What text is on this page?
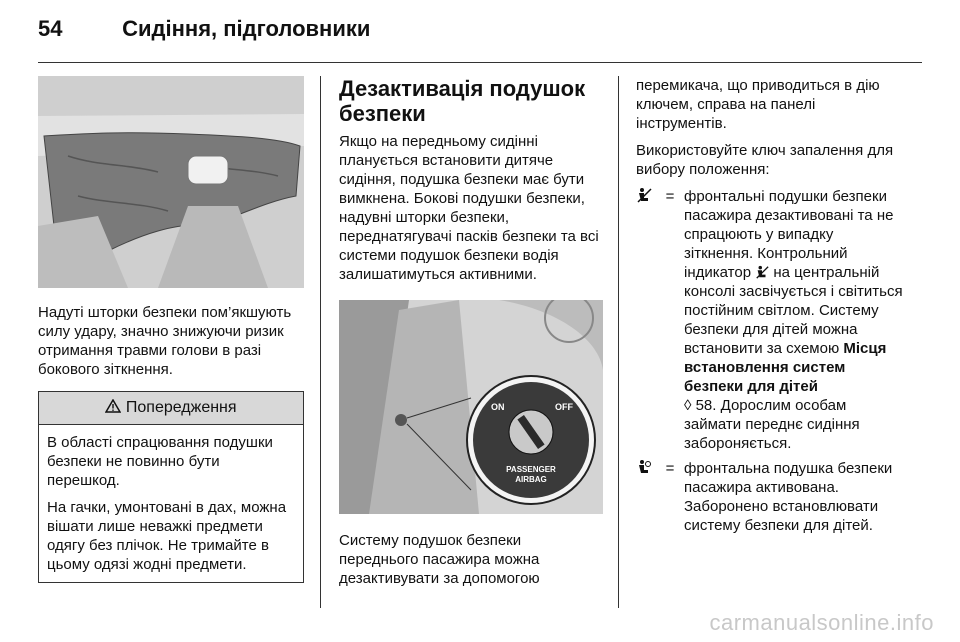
54	Сидіння, підголовники

Надуті шторки безпеки пом’якшують силу удару, значно знижуючи ризик отримання травми голови в разі бокового зіткнення.

Попередження

В області спрацювання подушки безпеки не повинно бути перешкод.

На гачки, умонтовані в дах, можна вішати лише неважкі предмети одягу без плічок. Не тримайте в цьому одязі жодні предмети.

Дезактивація подушок безпеки

Якщо на передньому сидінні планується встановити дитяче сидіння, подушка безпеки має бути вимкнена. Бокові подушки безпеки, надувні шторки безпеки, переднатягувачі пасків безпеки та всі системи подушок безпеки водія залишатимуться активними.

ON	OFF
PASSENGER
AIRBAG

Систему подушок безпеки переднього пасажира можна дезактивувати за допомогою

перемикача, що приводиться в дію ключем, справа на панелі інструментів.

Використовуйте ключ запалення для вибору положення:

= фронтальні подушки безпеки пасажира дезактивовані та не спрацюють у випадку зіткнення. Контрольний індикатор на центральній консолі засвічується і світиться постійним світлом. Систему безпеки для дітей можна встановити за схемою Місця встановлення систем безпеки для дітей
◊ 58. Дорослим особам займати переднє сидіння забороняється.
= фронтальна подушка безпеки пасажира активована. Заборонено встановлювати систему безпеки для дітей.
carmanualsonline.info
